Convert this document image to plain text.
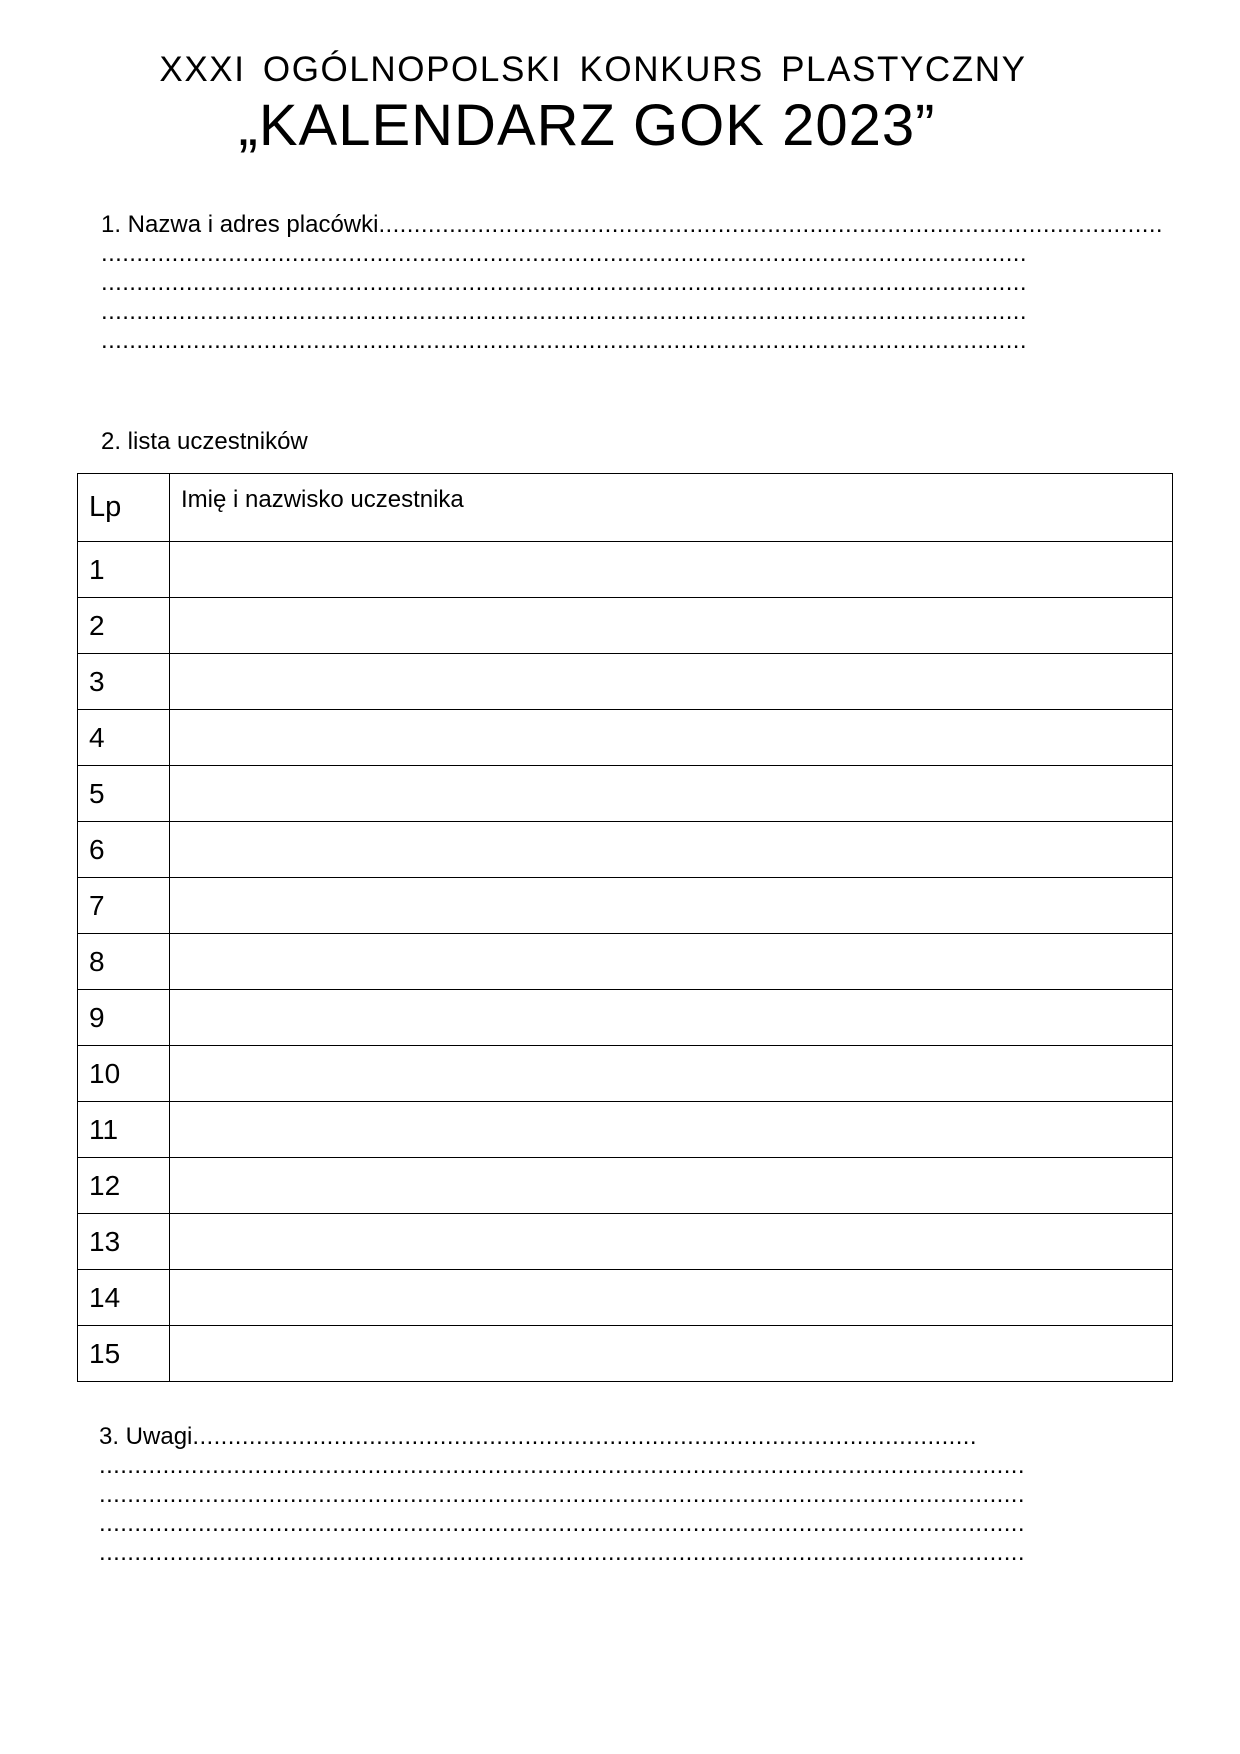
XXXI OGÓLNOPOLSKI KONKURS PLASTYCZNY
„KALENDARZ GOK 2023”
1. Nazwa i adres placówki...............................................................................................................
...................................................................................................................................
...................................................................................................................................
...................................................................................................................................
...................................................................................................................................
2. lista uczestników
Lp	Imię i nazwisko uczestnika
1	
2	
3	
4	
5	
6	
7	
8	
9	
10	
11	
12	
13	
14	
15	
3. Uwagi...............................................................................................................
...................................................................................................................................
...................................................................................................................................
...................................................................................................................................
...................................................................................................................................
